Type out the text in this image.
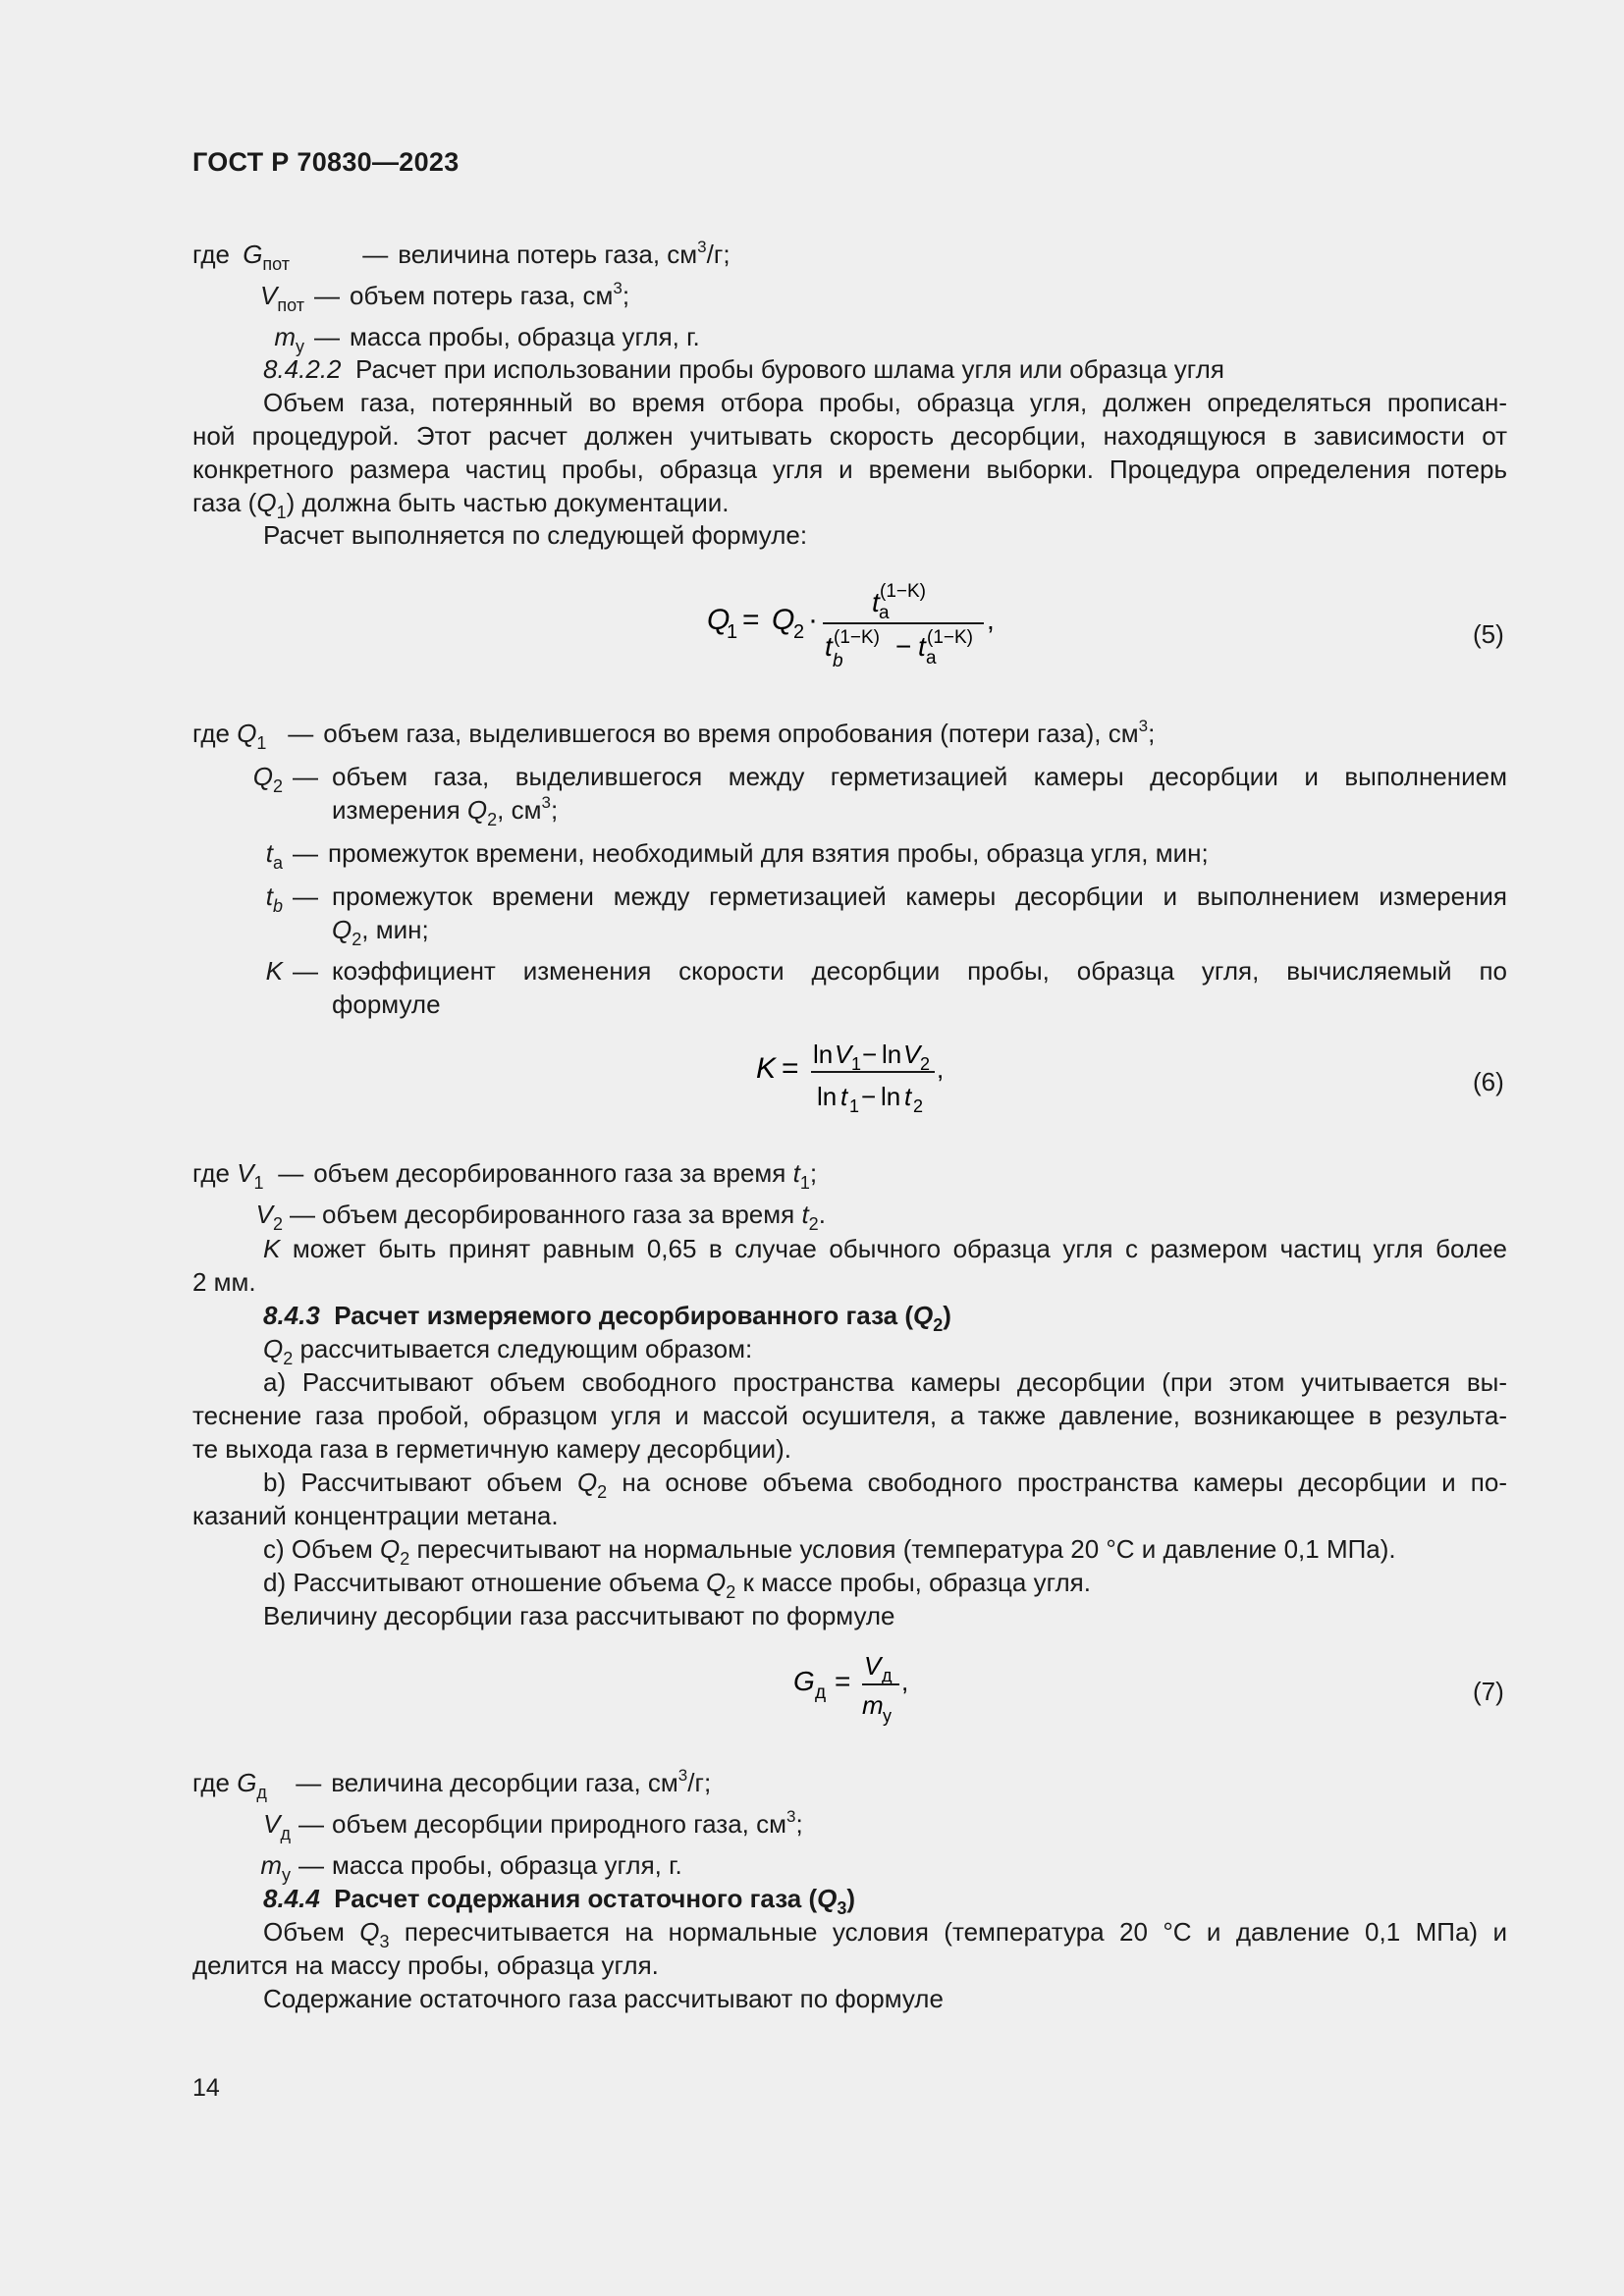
ГОСТ Р 70830—2023
где $G_{пот}$	— величина потерь газа, $см^3/г$;
$V_{пот}$ — объем потерь газа, $см^3$;
$m_у$ — масса пробы, образца угля, г.
8.4.2.2 Расчет при использовании пробы бурового шлама угля или образца угля
Объем газа, потерянный во время отбора пробы, образца угля, должен определяться прописан-
ной процедурой. Этот расчет должен учитывать скорость десорбции, находящуюся в зависимости от
конкретного размера частиц пробы, образца угля и времени выборки. Процедура определения потерь
газа $(Q_1)$ должна быть частью документации.
Расчет выполняется по следующей формуле:
Q
1 = Q
2 ·
t a
(1−K)
t b
(1−K) − t a
(1−K)
,	(5)
где $Q_1$ — объем газа, выделившегося во время опробования (потери газа), $см^3$;
$Q_2$ — объем газа, выделившегося между герметизацией камеры десорбции и выполнением
измерения $Q_2$, $см^3$;
$t_a$ — промежуток времени, необходимый для взятия пробы, образца угля, мин;
$t_b$ — промежуток времени между герметизацией камеры десорбции и выполнением измерения
$Q_2$, мин;
K — коэффициент изменения скорости десорбции пробы, образца угля, вычисляемый по
формуле
K = ln V 1 − ln V 2
ln t 1 − ln t 2
,	(6)
где $V_1$ — объем десорбированного газа за время $t_1$;
$V_2$ — объем десорбированного газа за время $t_2$.
K может быть принят равным 0,65 в случае обычного образца угля с размером частиц угля более
2 мм.
8.4.3 Расчет измеряемого десорбированного газа $(Q_2)$
$Q_2$ рассчитывается следующим образом:
а) Рассчитывают объем свободного пространства камеры десорбции (при этом учитывается вы-
теснение газа пробой, образцом угля и массой осушителя, а также давление, возникающее в результа-
те выхода газа в герметичную камеру десорбции).
b) Рассчитывают объем $Q_2$ на основе объема свободного пространства камеры десорбции и по-
казаний концентрации метана.
c) Объем $Q_2$ пересчитывают на нормальные условия (температура 20 °С и давление 0,1 МПа).
d) Рассчитывают отношение объема $Q_2$ к массе пробы, образца угля.
Величину десорбции газа рассчитывают по формуле
G д = V д
m у
,	(7)
где $G_д$ — величина десорбции газа, $см^3/г$;
$V_д$ — объем десорбции природного газа, $см^3$;
$m_у$ — масса пробы, образца угля, г.
8.4.4 Расчет содержания остаточного газа $(Q_3)$
Объем $Q_3$ пересчитывается на нормальные условия (температура 20 °С и давление 0,1 МПа) и
делится на массу пробы, образца угля.
Содержание остаточного газа рассчитывают по формуле
14
